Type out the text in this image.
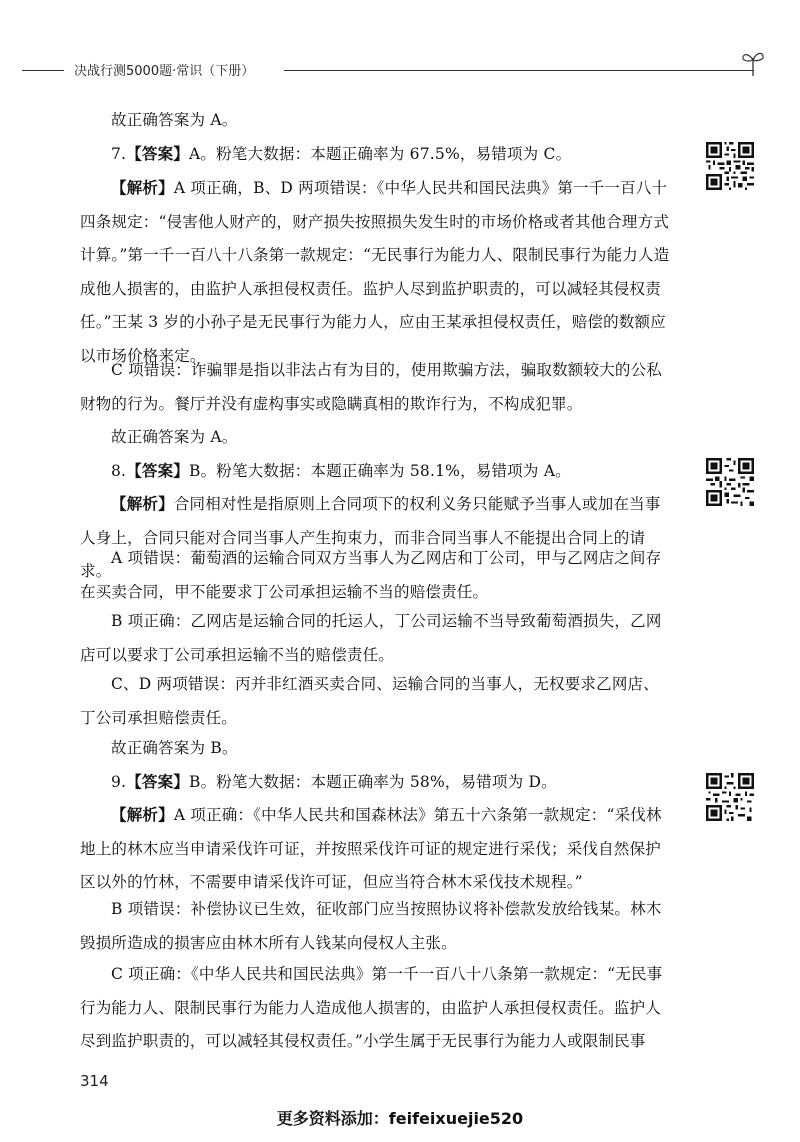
决战行测5000题·常识（下册）

故正确答案为 A。

7.【答案】A。粉笔大数据：本题正确率为 67.5%，易错项为 C。

【解析】A 项正确，B、D 两项错误：《中华人民共和国民法典》第一千一百八十四条规定：“侵害他人财产的，财产损失按照损失发生时的市场价格或者其他合理方式计算。”第一千一百八十八条第一款规定：“无民事行为能力人、限制民事行为能力人造成他人损害的，由监护人承担侵权责任。监护人尽到监护职责的，可以减轻其侵权责任。”王某 3 岁的小孙子是无民事行为能力人，应由王某承担侵权责任，赔偿的数额应以市场价格来定。

C 项错误：诈骗罪是指以非法占有为目的，使用欺骗方法，骗取数额较大的公私财物的行为。餐厅并没有虚构事实或隐瞒真相的欺诈行为，不构成犯罪。

故正确答案为 A。

8.【答案】B。粉笔大数据：本题正确率为 58.1%，易错项为 A。

【解析】合同相对性是指原则上合同项下的权利义务只能赋予当事人或加在当事人身上，合同只能对合同当事人产生拘束力，而非合同当事人不能提出合同上的请求。

A 项错误：葡萄酒的运输合同双方当事人为乙网店和丁公司，甲与乙网店之间存在买卖合同，甲不能要求丁公司承担运输不当的赔偿责任。

B 项正确：乙网店是运输合同的托运人，丁公司运输不当导致葡萄酒损失，乙网店可以要求丁公司承担运输不当的赔偿责任。

C、D 两项错误：丙并非红酒买卖合同、运输合同的当事人，无权要求乙网店、丁公司承担赔偿责任。

故正确答案为 B。

9.【答案】B。粉笔大数据：本题正确率为 58%，易错项为 D。

【解析】A 项正确：《中华人民共和国森林法》第五十六条第一款规定：“采伐林地上的林木应当申请采伐许可证，并按照采伐许可证的规定进行采伐；采伐自然保护区以外的竹林，不需要申请采伐许可证，但应当符合林木采伐技术规程。”

B 项错误：补偿协议已生效，征收部门应当按照协议将补偿款发放给钱某。林木毁损所造成的损害应由林木所有人钱某向侵权人主张。

C 项正确：《中华人民共和国民法典》第一千一百八十八条第一款规定：“无民事行为能力人、限制民事行为能力人造成他人损害的，由监护人承担侵权责任。监护人尽到监护职责的，可以减轻其侵权责任。”小学生属于无民事行为能力人或限制民事

314
更多资料添加：feifeixuejie520
